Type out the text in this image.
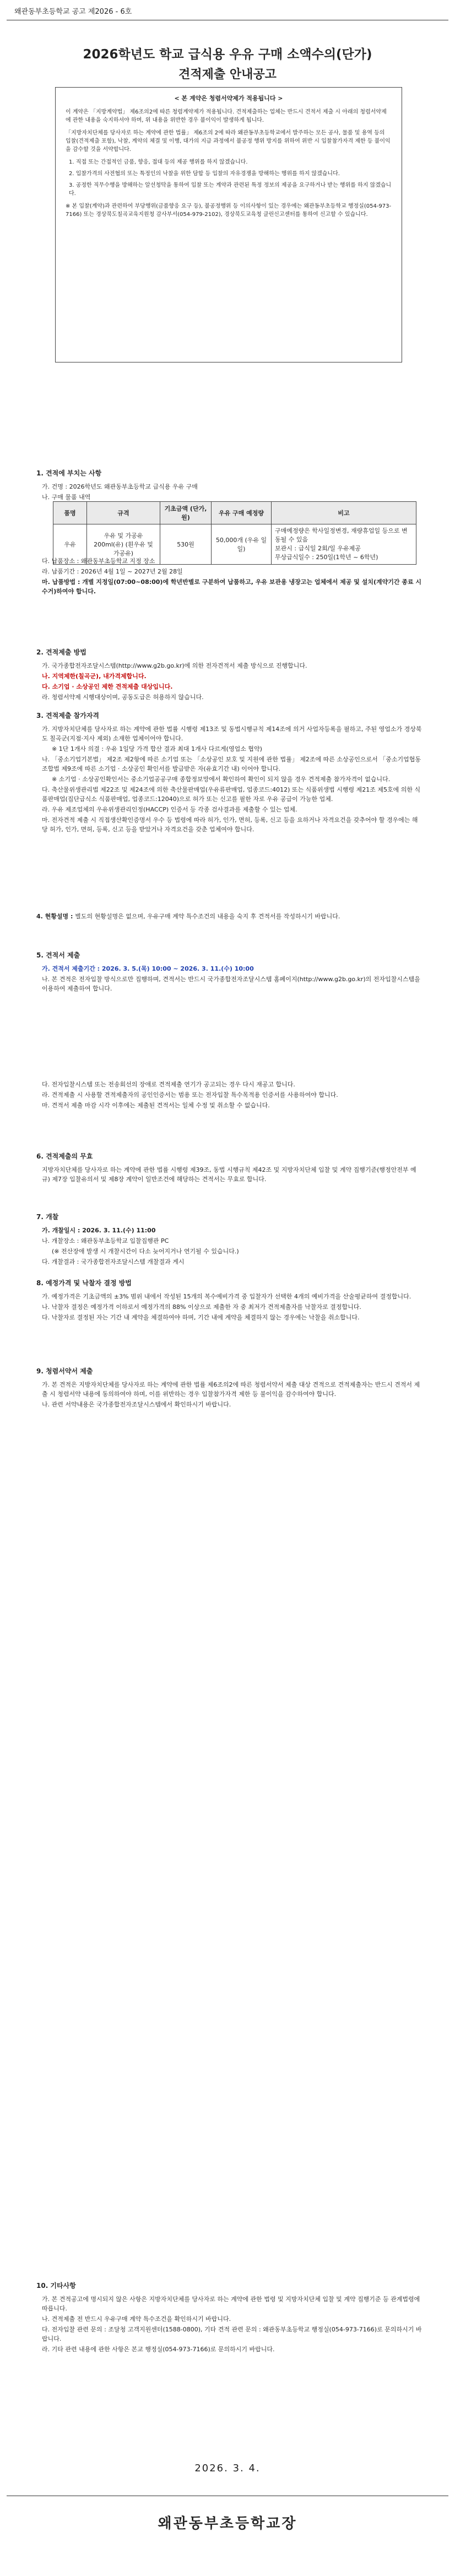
왜관동부초등학교 공고 제2026 - 6호
2026학년도 학교 급식용 우유 구매 소액수의(단가)
견적제출 안내공고
< 본 계약은 청렴서약제가 적용됩니다 >

이 계약은 「지방계약법」 제6조의2에 따른 청렴계약제가 적용됩니다. 견적제출하는 업체는 반드시 견적서 제출 시 아래의 청렴서약제에 관한 내용을 숙지하셔야 하며, 위 내용을 위반한 경우 불이익이 발생하게 됩니다.

「지방자치단체를 당사자로 하는 계약에 관한 법률」 제6조의 2에 따라 왜관동부초등학교에서 발주하는 모든 공사, 물품 및 용역 등의 입찰(견적제출 포함), 낙찰, 계약의 체결 및 이행, 대가의 지급 과정에서 불공정 행위 방지를 위하여 위반 시 입찰참가자격 제한 등 불이익을 감수할 것을 서약합니다.

1. 직접 또는 간접적인 금품, 향응, 접대 등의 제공 행위를 하지 않겠습니다.
2. 입찰가격의 사전협의 또는 특정인의 낙찰을 위한 담합 등 입찰의 자유경쟁을 방해하는 행위를 하지 않겠습니다.
3. 공정한 직무수행을 방해하는 알선청탁을 통하여 입찰 또는 계약과 관련된 특정 정보의 제공을 요구하거나 받는 행위를 하지 않겠습니다.
※ 본 입찰(계약)과 관련하여 부당행위(금품향응 요구 등), 불공정행위 등 이의사항이 있는 경우에는 왜관동부초등학교 행정실(054-973-7166) 또는 경상북도칠곡교육지원청 감사부서(054-979-2102), 경상북도교육청 클린신고센터를 통하여 신고할 수 있습니다.
1. 견적에 부치는 사항
가. 건명 : 2026학년도 왜관동부초등학교 급식용 우유 구매
나. 구매 물품 내역
품명	규격	기초금액 (단가, 원)	우유 구매 예정량	비고
우유	우유 및 가공유 200ml(유) (흰우유 및 가공유)	530원	50,000개 (우유 일일)	구매예정량은 학사일정변경, 재량휴업일 등으로 변동될 수 있음
보관시 : 급식일 2회/일 우유제공
무상급식일수 : 250일(1학년 ~ 6학년)
다. 납품장소 : 왜관동부초등학교 지정 장소
라. 납품기간 : 2026년 4월 1일 ~ 2027년 2월 28일
마. 납품방법 : 개별 지정일(07:00~08:00)에 학년반별로 구분하여 납품하고, 우유 보관용 냉장고는 업체에서 제공 및 설치(계약기간 종료 시 수거)하여야 합니다.
2. 견적제출 방법
가. 국가종합전자조달시스템(http://www.g2b.go.kr)에 의한 전자견적서 제출 방식으로 진행합니다.
나. 지역제한(칠곡군), 내가격제합니다.
다. 소기업 · 소상공인 제한 견적제출 대상입니다.
라. 청렴서약제 시행대상이며, 공동도급은 허용하지 않습니다.
3. 견적제출 참가자격
가. 지방자치단체를 당사자로 하는 계약에 관한 법률 시행령 제13조 및 동법시행규칙 제14조에 의거 사업자등록을 필하고, 주된 영업소가 경상북도 칠곡군(지점·지사 제외) 소재한 업체이어야 합니다.
※ 1단 1개사 의결 : 우유 1일당 가격 합산 결과 최대 1개사 다르게(영업소 협약)
나. 「중소기업기본법」 제2조 제2항에 따른 소기업 또는 「소상공인 보호 및 지원에 관한 법률」 제2조에 따른 소상공인으로서 「중소기업협동조합법 제9조에 따른 소기업 · 소상공인 확인서를 발급받은 자(유효기간 내) 이어야 합니다.
※ 소기업 · 소상공인확인서는 중소기업공공구매 종합정보망에서 확인하여 확인이 되지 않을 경우 견적제출 참가자격이 없습니다.
다. 축산물위생관리법 제22조 및 제24조에 의한 축산물판매업(우유류판매업, 업종코드:4012) 또는 식품위생법 시행령 제21조 제5호에 의한 식품판매업(집단급식소 식품판매업, 업종코드:12040)으로 허가 또는 신고를 필한 자로 우유 공급이 가능한 업체.
라. 우유 제조업체의 우유위생관리인정(HACCP) 인증서 등 각종 검사결과를 제출할 수 있는 업체.
마. 전자견적 제출 시 직접생산확인증명서 우수 등 법령에 따라 허가, 인가, 면허, 등록, 신고 등을 요하거나 자격요건을 갖추어야 할 경우에는 해당 허가, 인가, 면허, 등록, 신고 등을 받았거나 자격요건을 갖춘 업체여야 합니다.
4. 현황설명 : 별도의 현황설명은 없으며, 우유구매 계약 특수조건의 내용을 숙지 후 견적서를 작성하시기 바랍니다.
5. 견적서 제출
가. 견적서 제출기간 : 2026. 3. 5.(목) 10:00 ~ 2026. 3. 11.(수) 10:00
나. 본 견적은 전자입찰 방식으로만 집행하며, 견적서는 반드시 국가종합전자조달시스템 홈페이지(http://www.g2b.go.kr)의 전자입찰시스템을 이용하여 제출하여 합니다.
다. 전자입찰시스템 또는 전송회선의 장애로 견적제출 연기가 공고되는 경우 다시 재공고 합니다.
라. 견적제출 시 사용할 견적제출자의 공인인증서는 범용 또는 전자입찰 특수목적용 인증서를 사용하여야 합니다.
마. 견적서 제출 마감 시각 이후에는 제출된 견적서는 일체 수정 및 취소할 수 없습니다.
6. 견적제출의 무효
지방자치단체를 당사자로 하는 계약에 관한 법률 시행령 제39조, 동법 시행규칙 제42조 및 지방자치단체 입찰 및 계약 집행기준(행정안전부 예규) 제7장 입찰유의서 및 제8장 계약이 일반조건에 해당하는 견적서는 무효로 합니다.
7. 개찰
가. 개찰일시 : 2026. 3. 11.(수) 11:00
나. 개찰장소 : 왜관동부초등학교 입찰집행관 PC
(※ 전산장애 발생 시 개찰시간이 다소 늦어지거나 연기될 수 있습니다.)
다. 개찰결과 : 국가종합전자조달시스템 개찰결과 게시
8. 예정가격 및 낙찰자 결정 방법
가. 예정가격은 기초금액의 ±3% 범위 내에서 작성된 15개의 복수예비가격 중 입찰자가 선택한 4개의 예비가격을 산술평균하여 결정합니다.
나. 낙찰자 결정은 예정가격 이하로서 예정가격의 88% 이상으로 제출한 자 중 최저가 견적제출자를 낙찰자로 결정합니다.
다. 낙찰자로 결정된 자는 기간 내 계약을 체결하여야 하며, 기간 내에 계약을 체결하지 않는 경우에는 낙찰을 취소합니다.
9. 청렴서약서 제출
가. 본 견적은 지방자치단체를 당사자로 하는 계약에 관한 법률 제6조의2에 따른 청렴서약서 제출 대상 견적으로 견적제출자는 반드시 견적서 제출 시 청렴서약 내용에 동의하여야 하며, 이를 위반하는 경우 입찰참가자격 제한 등 불이익을 감수하여야 합니다.
나. 관련 서약내용은 국가종합전자조달시스템에서 확인하시기 바랍니다.
10. 기타사항
가. 본 견적공고에 명시되지 않은 사항은 지방자치단체를 당사자로 하는 계약에 관한 법령 및 지방자치단체 입찰 및 계약 집행기준 등 관계법령에 따릅니다.
나. 견적제출 전 반드시 우유구매 계약 특수조건을 확인하시기 바랍니다.
다. 전자입찰 관련 문의 : 조달청 고객지원센터(1588-0800), 기타 견적 관련 문의 : 왜관동부초등학교 행정실(054-973-7166)로 문의하시기 바랍니다.
라. 기타 관련 내용에 관한 사항은 본교 행정실(054-973-7166)로 문의하시기 바랍니다.
2026. 3. 4.
왜관동부초등학교장
